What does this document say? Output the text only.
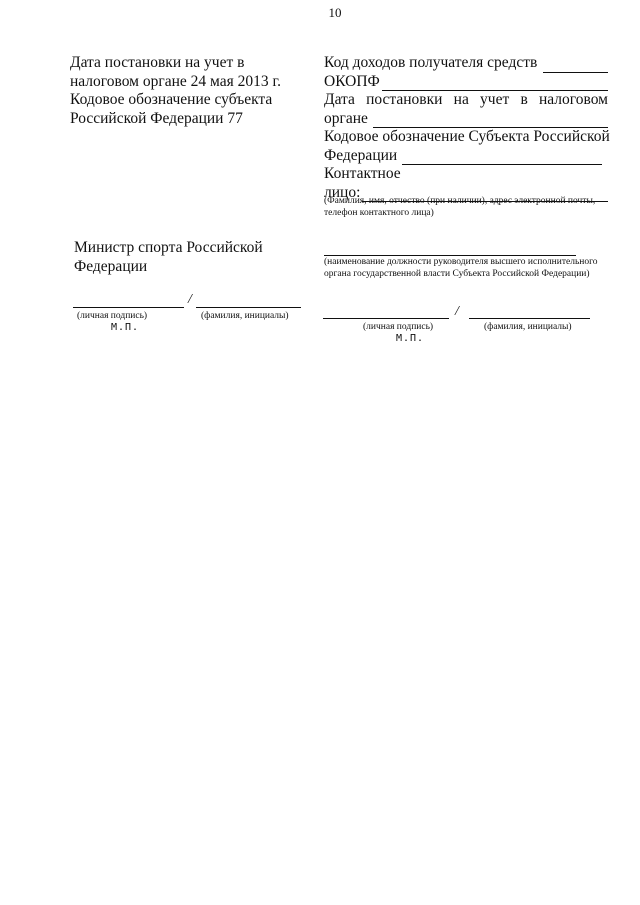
10
Дата постановки на учет в
налоговом органе 24 мая 2013 г.
Кодовое обозначение субъекта
Российской Федерации 77
Код доходов получателя средств
ОКОПФ
Дата постановки на учет в налоговом
органе
Кодовое обозначение Субъекта Российской
Федерации
Контактное
лицо:
(Фамилия, имя, отчество (при наличии), адрес электронной почты, телефон контактного лица)
Министр спорта Российской Федерации
/
(личная подпись)	(фамилия, инициалы)
М.П.
(наименование должности руководителя высшего исполнительного органа государственной власти Субъекта Российской Федерации)
/
(личная подпись)	(фамилия, инициалы)
М.П.
